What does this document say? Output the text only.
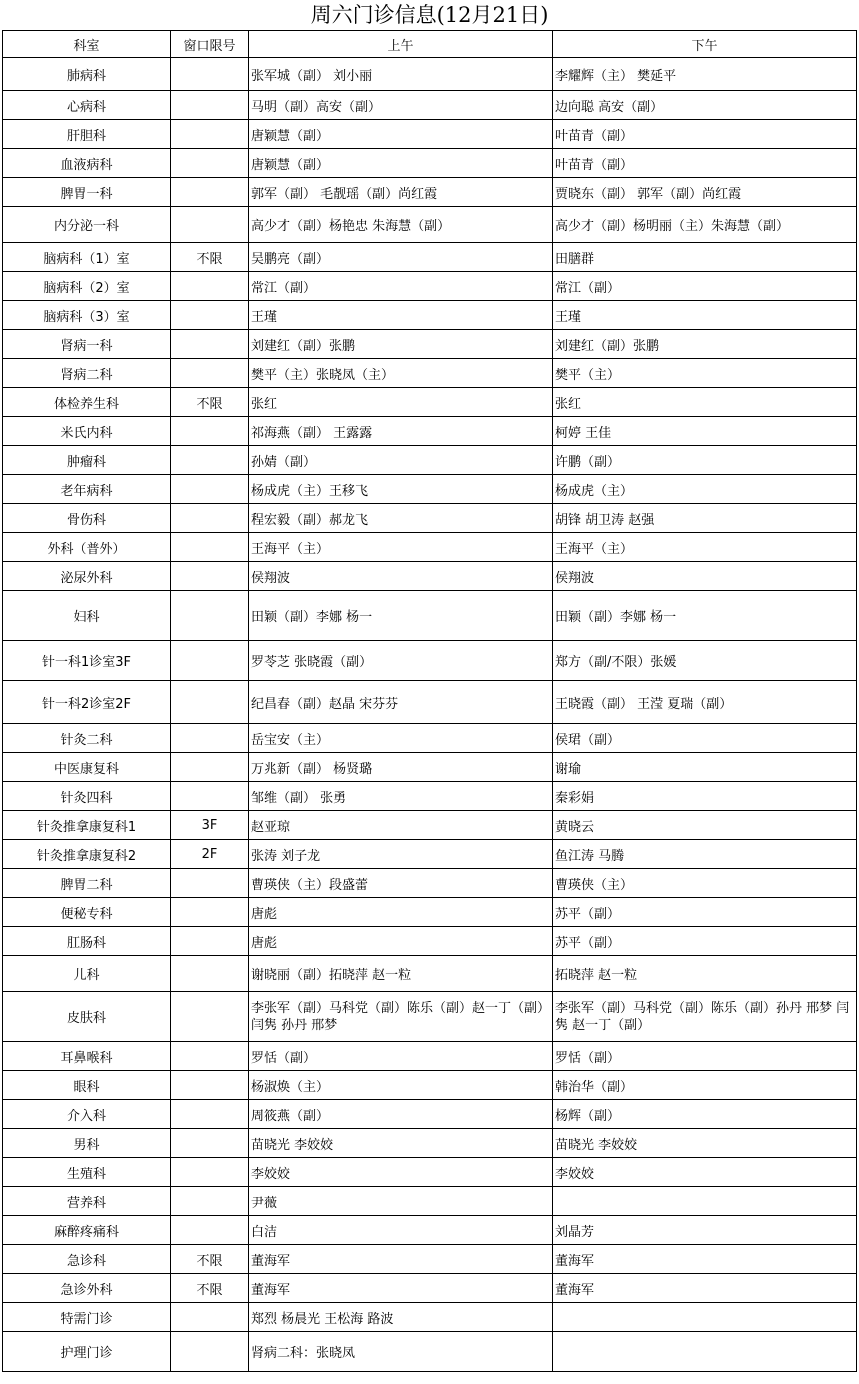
周六门诊信息(12月21日)
科室	窗口限号	上午	下午
肺病科		张军城（副） 刘小丽	李耀辉（主） 樊延平
心病科		马明（副）高安（副）	边向聪 高安（副）
肝胆科		唐颖慧（副）	叶苗青（副）
血液病科		唐颖慧（副）	叶苗青（副）
脾胃一科		郭军（副） 毛靓瑶（副）尚红霞	贾晓东（副） 郭军（副）尚红霞
内分泌一科		高少才（副）杨艳忠 朱海慧（副）	高少才（副）杨明丽（主）朱海慧（副）
脑病科（1）室	不限	吴鹏亮（副）	田膳群
脑病科（2）室		常江（副）	常江（副）
脑病科（3）室		王瑾	王瑾
肾病一科		刘建红（副）张鹏	刘建红（副）张鹏
肾病二科		樊平（主）张晓凤（主）	樊平（主）
体检养生科	不限	张红	张红
米氏内科		祁海燕（副） 王露露	柯婷 王佳
肿瘤科		孙婧（副）	许鹏（副）
老年病科		杨成虎（主）王移飞	杨成虎（主）
骨伤科		程宏毅（副）郝龙飞	胡锋 胡卫涛 赵强
外科（普外）		王海平（主）	王海平（主）
泌尿外科		侯翔波	侯翔波
妇科		田颖（副）李娜 杨一	田颖（副）李娜 杨一
针一科1诊室3F		罗苓芝 张晓霞（副）	郑方（副/不限）张媛
针一科2诊室2F		纪昌春（副）赵晶 宋芬芬	王晓霞（副） 王滢 夏瑞（副）
针灸二科		岳宝安（主）	侯珺（副）
中医康复科		万兆新（副） 杨贤璐	谢瑜
针灸四科		邹维（副） 张勇	秦彩娟
针灸推拿康复科1	3F	赵亚琼	黄晓云
针灸推拿康复科2	2F	张涛 刘子龙	鱼江涛 马腾
脾胃二科		曹瑛侠（主）段盛蕾	曹瑛侠（主）
便秘专科		唐彪	苏平（副）
肛肠科		唐彪	苏平（副）
儿科		谢晓丽（副）拓晓萍 赵一粒	拓晓萍 赵一粒
皮肤科		李张军（副）马科党（副）陈乐（副）赵一丁（副）闫隽 孙丹 邢梦	李张军（副）马科党（副）陈乐（副）孙丹 邢梦 闫隽 赵一丁（副）
耳鼻喉科		罗恬（副）	罗恬（副）
眼科		杨淑焕（主）	韩治华（副）
介入科		周筱燕（副）	杨辉（副）
男科		苗晓光 李姣姣	苗晓光 李姣姣
生殖科		李姣姣	李姣姣
营养科		尹薇	
麻醉疼痛科		白洁	刘晶芳
急诊科	不限	董海军	董海军
急诊外科	不限	董海军	董海军
特需门诊		郑烈 杨晨光 王松海 路波	
护理门诊		肾病二科：张晓凤	
